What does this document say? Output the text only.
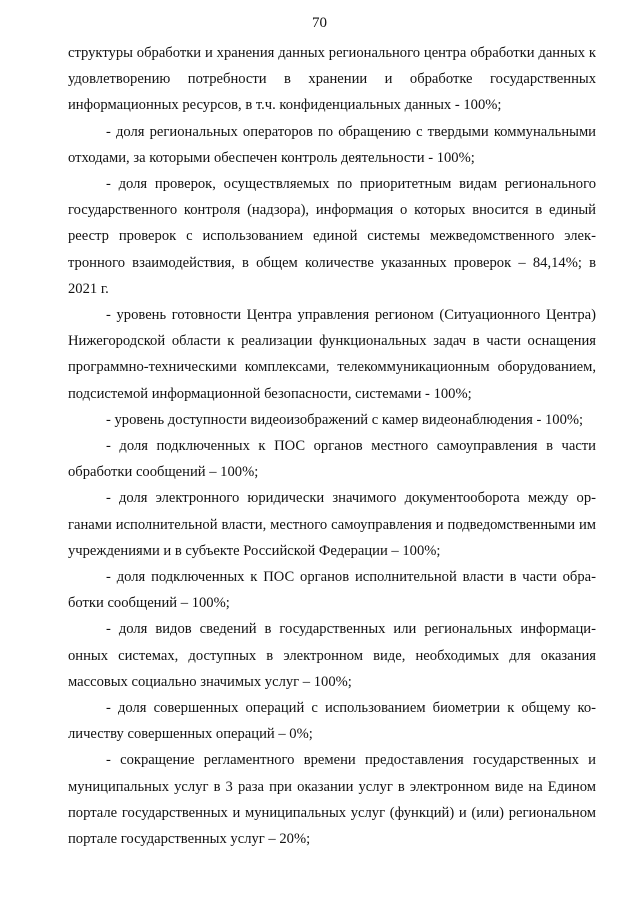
70

структуры обработки и хранения данных регионального центра обработки данных к удовлетворению потребности в хранении и обработке государственных информационных ресурсов, в т.ч. конфиденциальных данных - 100%;

- доля региональных операторов по обращению с твердыми коммунальными отходами, за которыми обеспечен контроль деятельности - 100%;

- доля проверок, осуществляемых по приоритетным видам регионального государственного контроля (надзора), информация о которых вносится в единый реестр проверок с использованием единой системы межведомственного электронного взаимодействия, в общем количестве указанных проверок – 84,14%; в 2021 г.

- уровень готовности Центра управления регионом (Ситуационного Центра) Нижегородской области к реализации функциональных задач в части оснащения программно-техническими комплексами, телекоммуникационным оборудованием, подсистемой информационной безопасности, системами - 100%;

- уровень доступности видеоизображений с камер видеонаблюдения - 100%;

- доля подключенных к ПОС органов местного самоуправления в части обработки сообщений – 100%;

- доля электронного юридически значимого документооборота между органами исполнительной власти, местного самоуправления и подведомственными им учреждениями и в субъекте Российской Федерации – 100%;

- доля подключенных к ПОС органов исполнительной власти в части обработки сообщений – 100%;

- доля видов сведений в государственных или региональных информационных системах, доступных в электронном виде, необходимых для оказания массовых социально значимых услуг – 100%;

- доля совершенных операций с использованием биометрии к общему количеству совершенных операций – 0%;

- сокращение регламентного времени предоставления государственных и муниципальных услуг в 3 раза при оказании услуг в электронном виде на Едином портале государственных и муниципальных услуг (функций) и (или) региональном портале государственных услуг – 20%;
